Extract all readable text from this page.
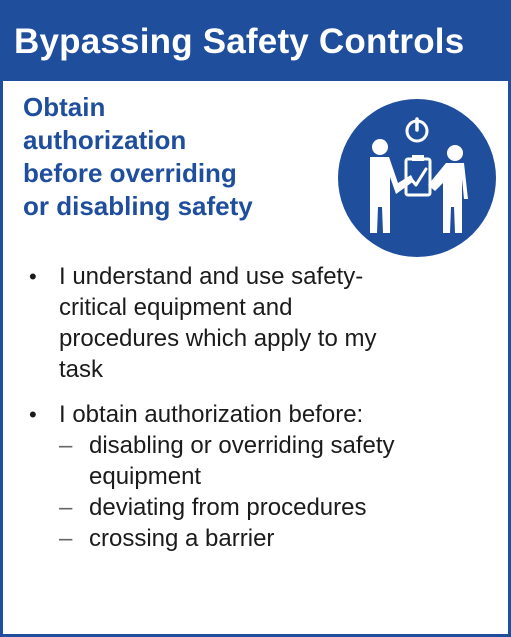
Bypassing Safety Controls
Obtain
authorization
before overriding
or disabling safety
• I understand and use safety-
critical equipment and
procedures which apply to my
task
• I obtain authorization before:
– disabling or overriding safety
equipment
– deviating from procedures
– crossing a barrier
